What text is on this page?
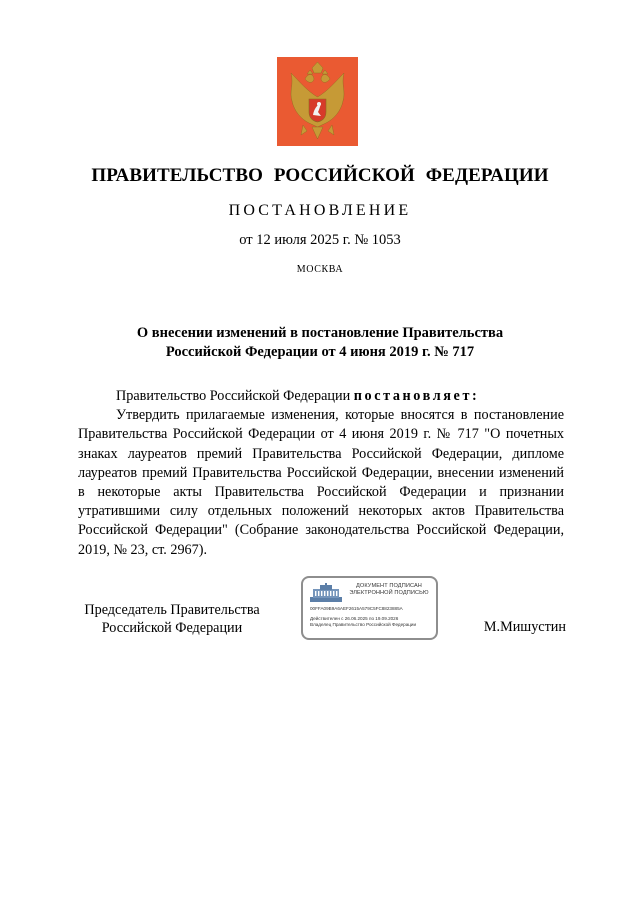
ПРАВИТЕЛЬСТВО РОССИЙСКОЙ ФЕДЕРАЦИИ
ПОСТАНОВЛЕНИЕ
от 12 июля 2025 г. № 1053
МОСКВА
О внесении изменений в постановление Правительства
Российской Федерации от 4 июня 2019 г. № 717

Правительство Российской Федерации постановляет:

Утвердить прилагаемые изменения, которые вносятся в постановление Правительства Российской Федерации от 4 июня 2019 г. № 717 "О почетных знаках лауреатов премий Правительства Российской Федерации, дипломе лауреатов премий Правительства Российской Федерации, внесении изменений в некоторые акты Правительства Российской Федерации и признании утратившими силу отдельных положений некоторых актов Правительства Российской Федерации" (Собрание законодательства Российской Федерации, 2019, № 23, ст. 2967).

Председатель Правительства
Российской Федерации
ДОКУМЕНТ ПОДПИСАН
ЭЛЕКТРОННОЙ ПОДПИСЬЮ
00FFA09B9A6AEF2615A579C5FC8823885A
Действителен с 26.06.2025 по 19.09.2026
Владелец Правительство Российской Федерации	М.Мишустин
